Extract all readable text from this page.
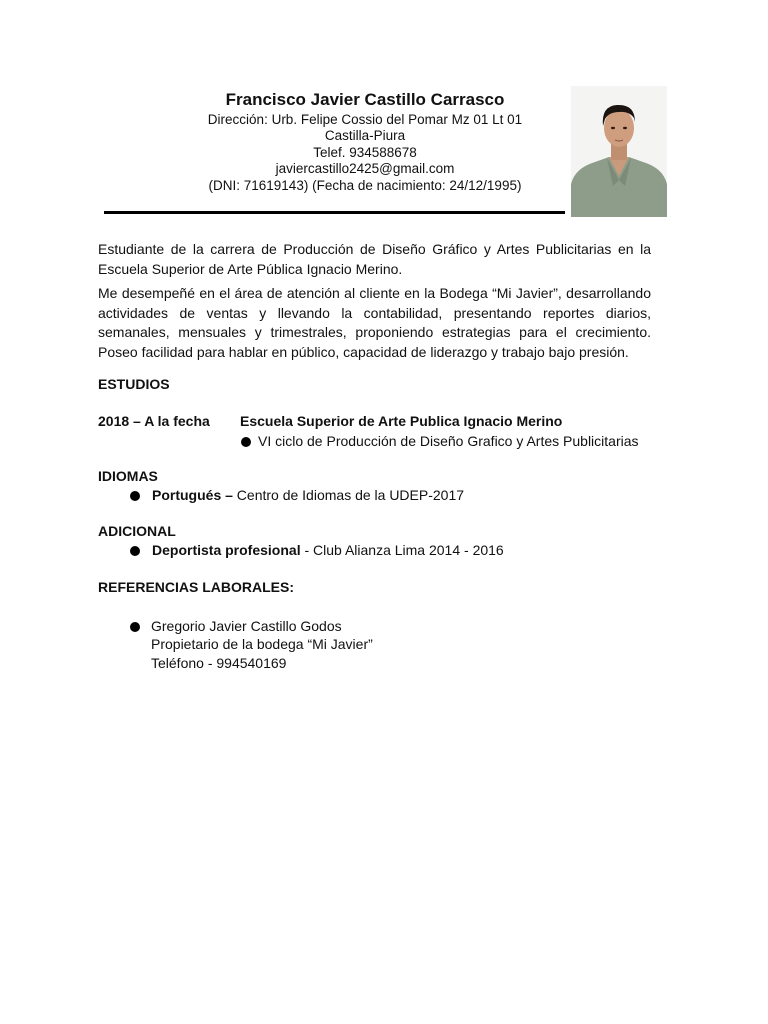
Francisco Javier Castillo Carrasco
Dirección: Urb. Felipe Cossio del Pomar Mz 01 Lt 01
Castilla-Piura
Telef. 934588678
javiercastillo2425@gmail.com
(DNI: 71619143) (Fecha de nacimiento: 24/12/1995)
Estudiante de la carrera de Producción de Diseño Gráfico y Artes Publicitarias en la Escuela Superior de Arte Pública Ignacio Merino.
Me desempeñé en el área de atención al cliente en la Bodega “Mi Javier”, desarrollando actividades de ventas y llevando la contabilidad, presentando reportes diarios, semanales, mensuales y trimestrales, proponiendo estrategias para el crecimiento. Poseo facilidad para hablar en público, capacidad de liderazgo y trabajo bajo presión.
ESTUDIOS
2018 – A la fecha Escuela Superior de Arte Publica Ignacio Merino
VI ciclo de Producción de Diseño Grafico y Artes Publicitarias
IDIOMAS
Portugués – Centro de Idiomas de la UDEP-2017
ADICIONAL
Deportista profesional - Club Alianza Lima 2014 - 2016
REFERENCIAS LABORALES:
Gregorio Javier Castillo Godos
Propietario de la bodega “Mi Javier”
Teléfono - 994540169
